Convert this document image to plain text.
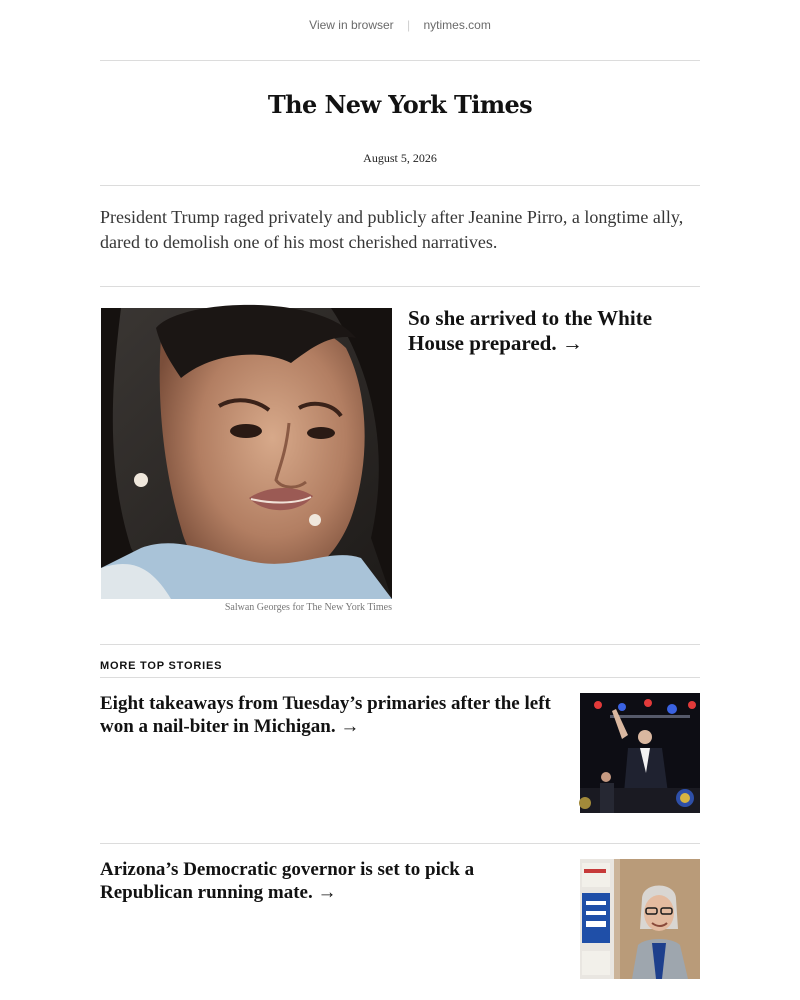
View in browser | nytimes.com
The New York Times
August 5, 2026
President Trump raged privately and publicly after Jeanine Pirro, a longtime ally, dared to demolish one of his most cherished narratives.
Salwan Georges for The New York Times
So she arrived to the White House prepared. →
MORE TOP STORIES
Eight takeaways from Tuesday’s primaries after the left won a nail-biter in Michigan. →
Arizona’s Democratic governor is set to pick a Republican running mate. →
